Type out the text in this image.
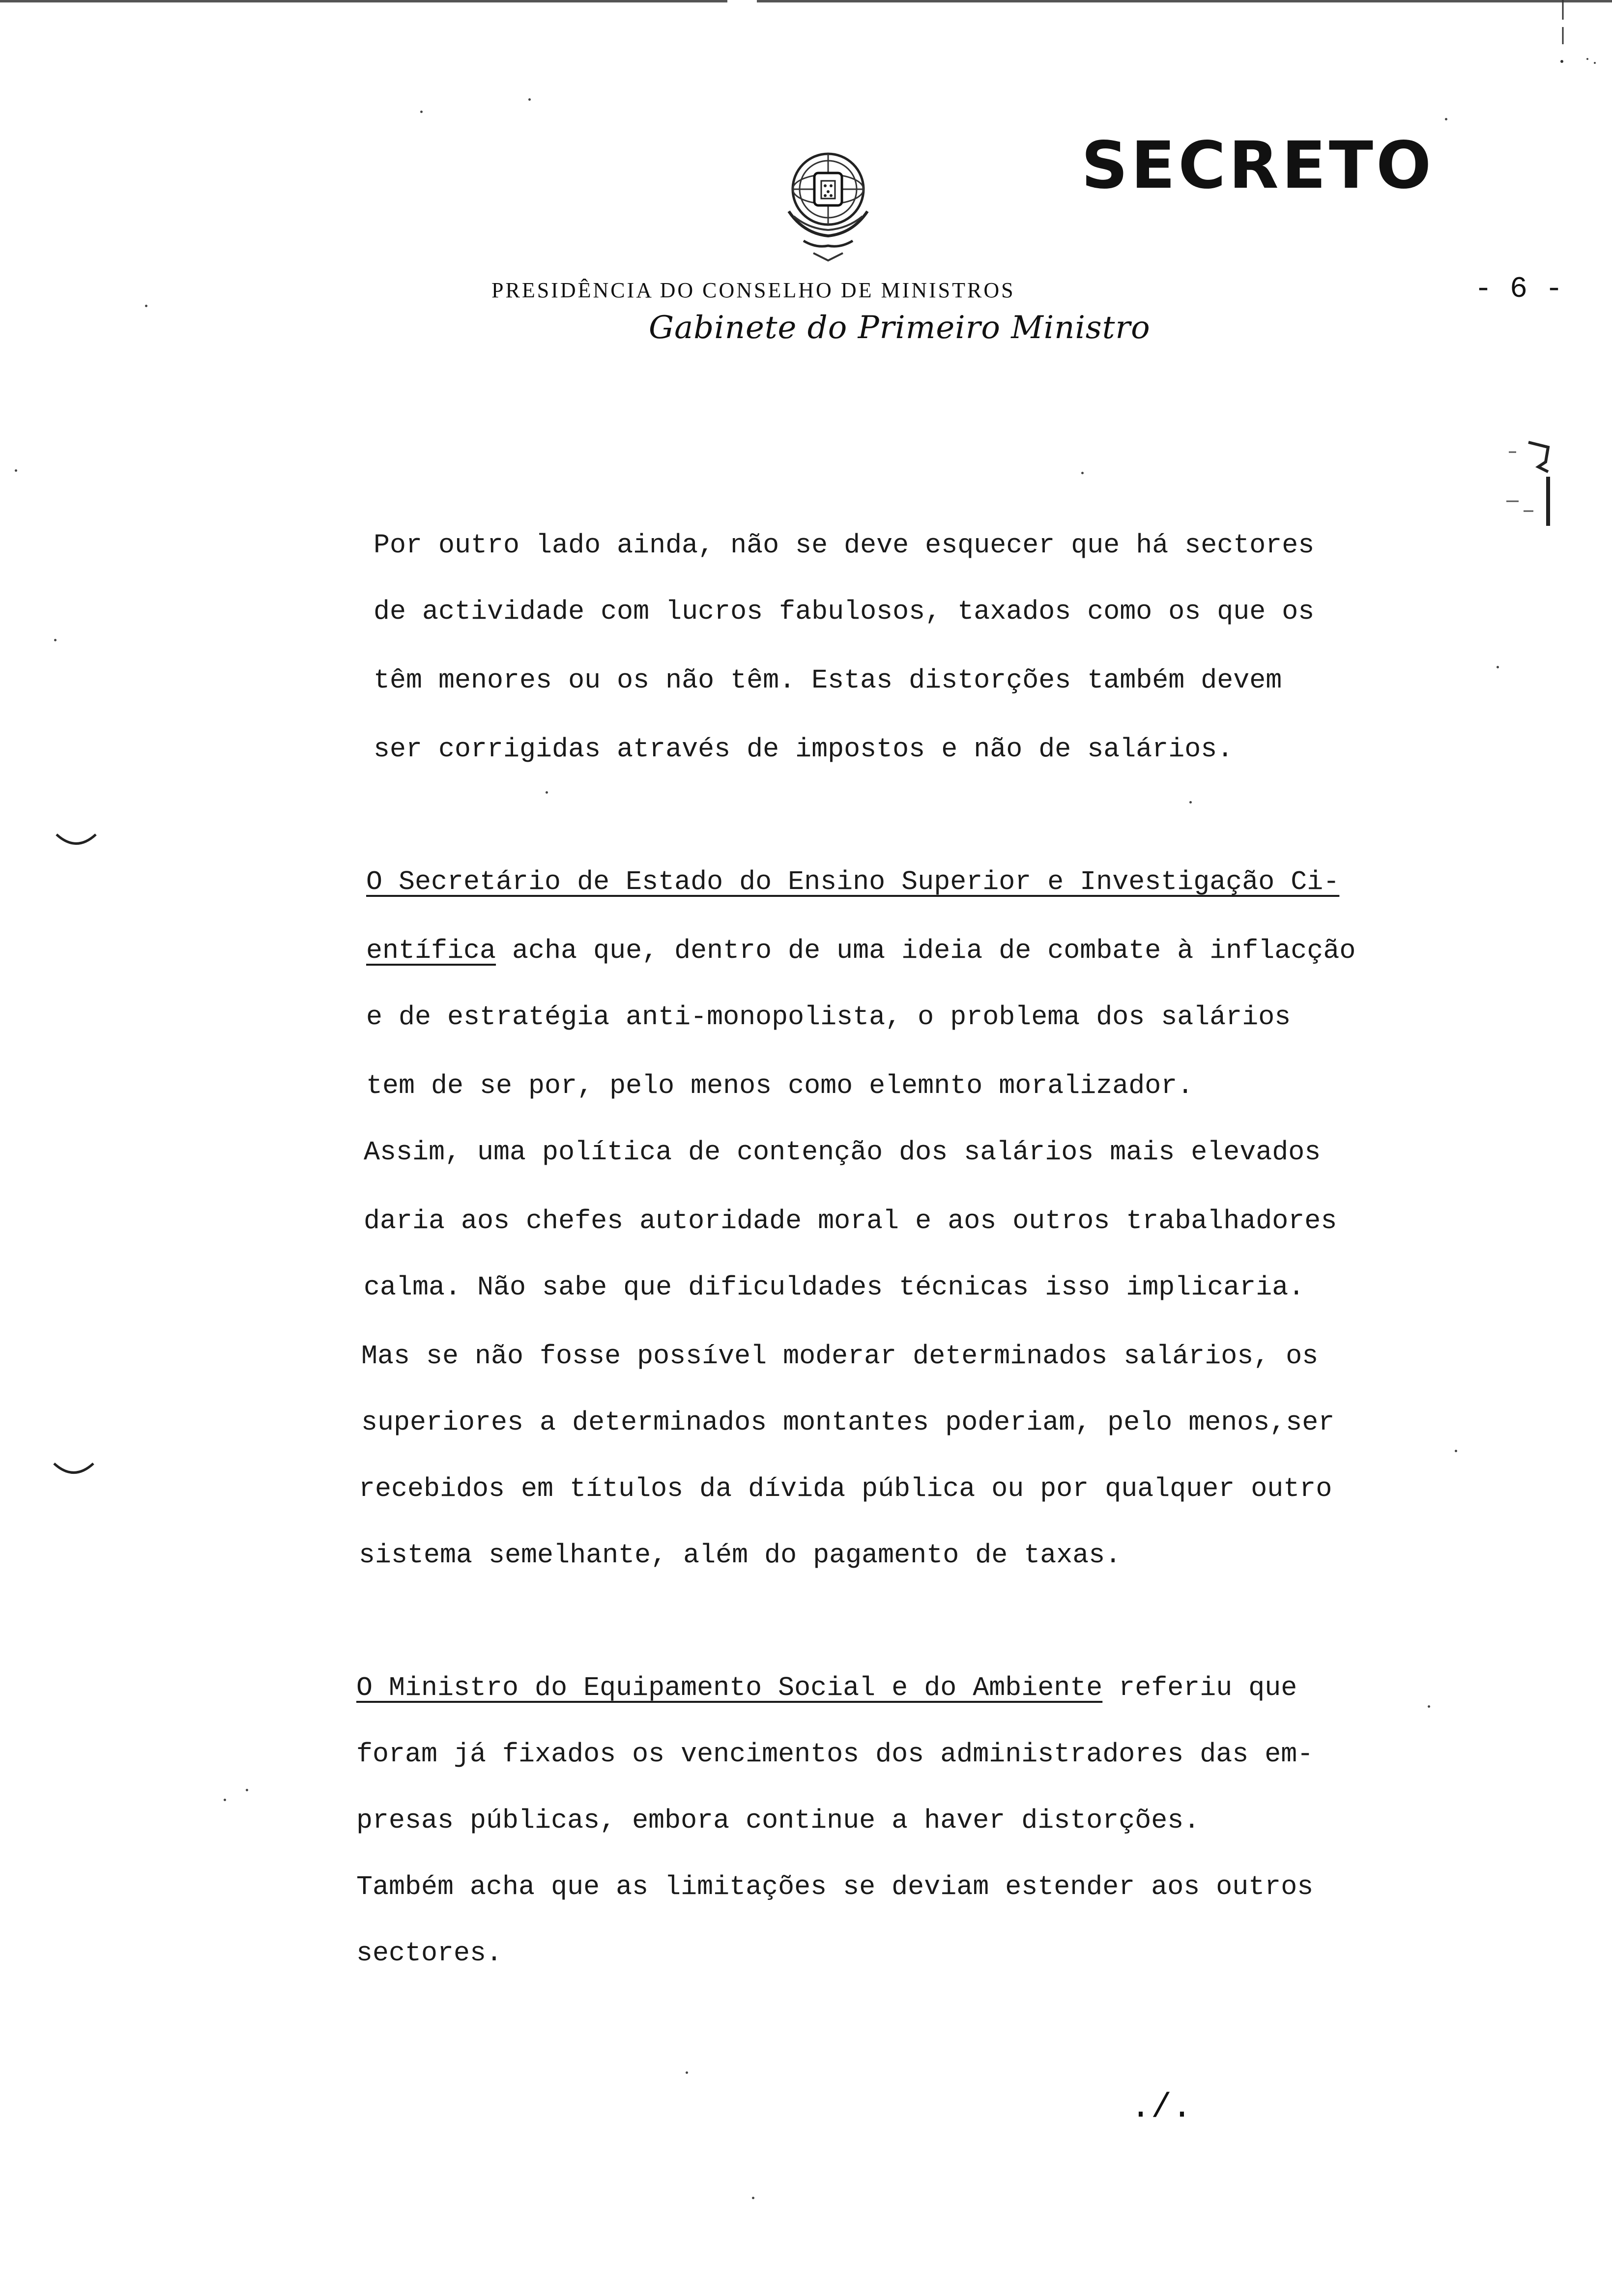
SECRETO
PRESIDÊNCIA DO CONSELHO DE MINISTROS
Gabinete do Primeiro Ministro
- 6 -
Por outro lado ainda, não se deve esquecer que há sectores
de actividade com lucros fabulosos, taxados como os que os
têm menores ou os não têm. Estas distorções também devem
ser corrigidas através de impostos e não de salários.
O Secretário de Estado do Ensino Superior e Investigação Ci-
entífica acha que, dentro de uma ideia de combate à inflacção
e de estratégia anti-monopolista, o problema dos salários
tem de se por, pelo menos como elemnto moralizador.
Assim, uma política de contenção dos salários mais elevados
daria aos chefes autoridade moral e aos outros trabalhadores
calma. Não sabe que dificuldades técnicas isso implicaria.
Mas se não fosse possível moderar determinados salários, os
superiores a determinados montantes poderiam, pelo menos,ser
recebidos em títulos da dívida pública ou por qualquer outro
sistema semelhante, além do pagamento de taxas.
O Ministro do Equipamento Social e do Ambiente referiu que
foram já fixados os vencimentos dos administradores das em-
presas públicas, embora continue a haver distorções.
Também acha que as limitações se deviam estender aos outros
sectores.
./.
